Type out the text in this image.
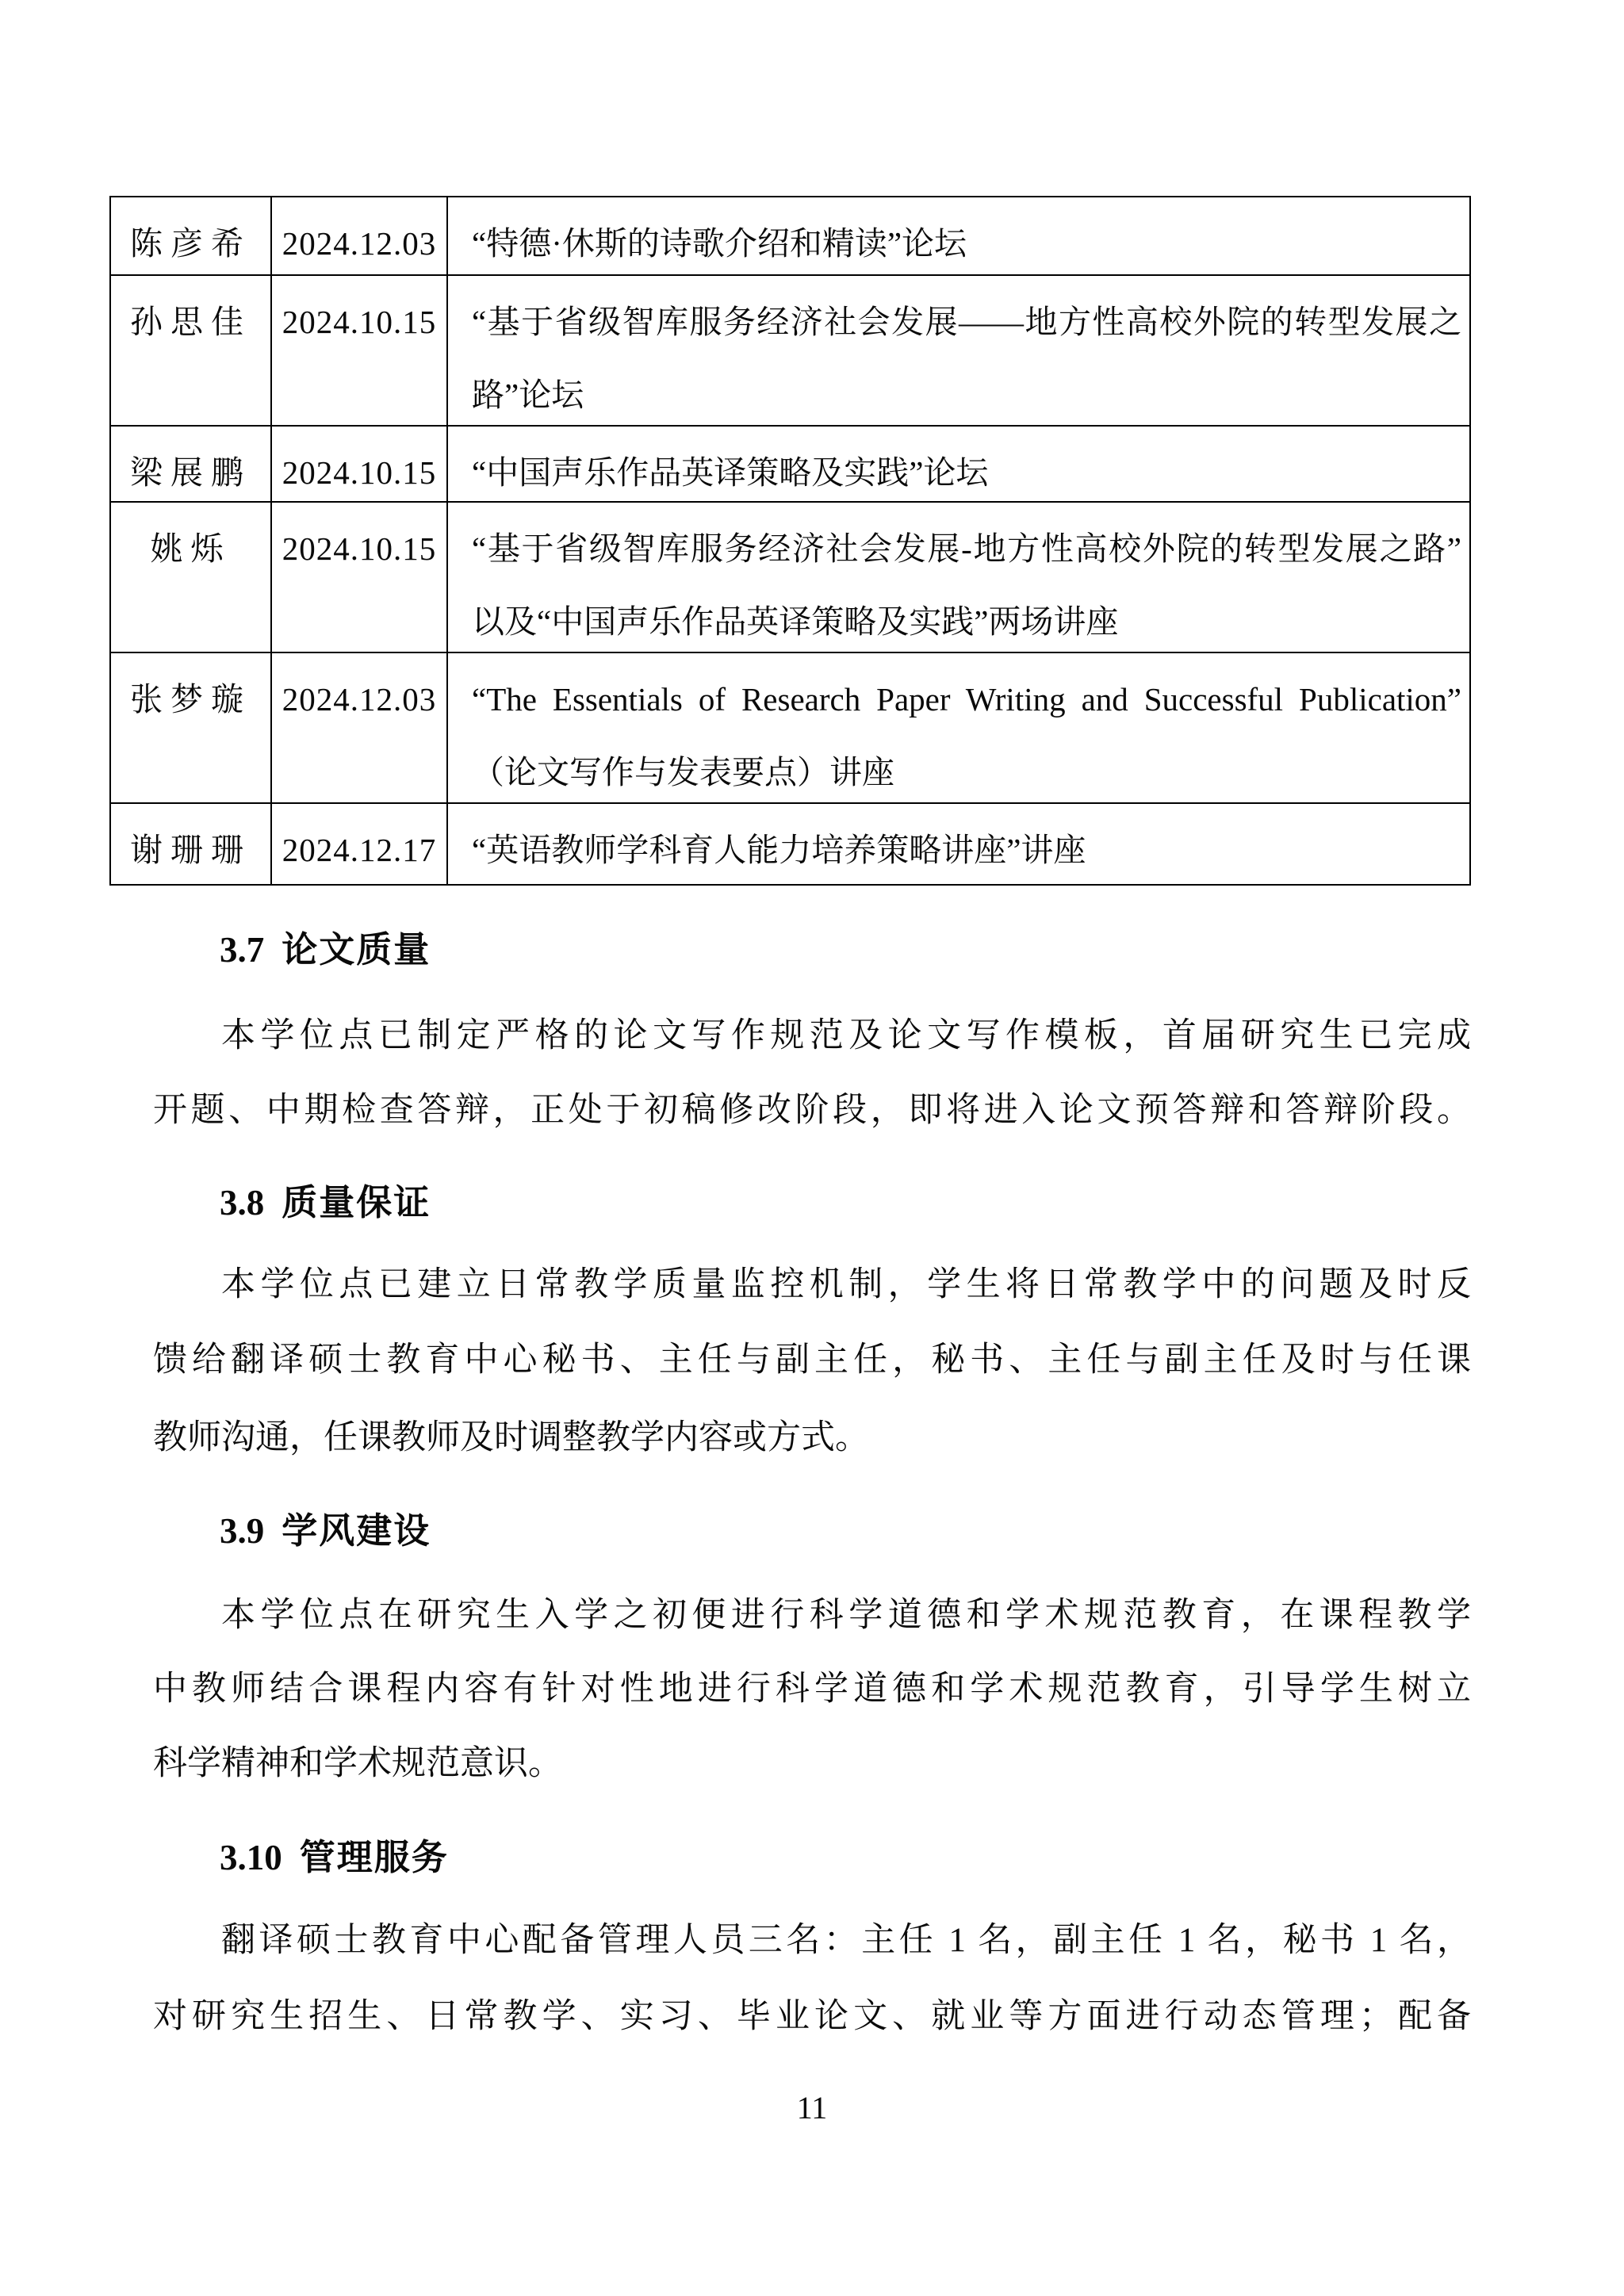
陈彦希 2024.12.03	“特德·休斯的诗歌介绍和精读”论坛
孙思佳 2024.10.15	“基于省级智库服务经济社会发展——地方性高校外院的转型发展之
路”论坛
梁展鹏 2024.10.15	“中国声乐作品英译策略及实践”论坛
姚烁	2024.10.15	“基于省级智库服务经济社会发展-地方性高校外院的转型发展之路”
以及“中国声乐作品英译策略及实践”两场讲座
张梦璇 2024.12.03	“The Essentials of Research Paper Writing and Successful Publication”
（论文写作与发表要点）讲座
谢珊珊 2024.12.17	“英语教师学科育人能力培养策略讲座”讲座
3.7 论文质量
本学位点已制定严格的论文写作规范及论文写作模板，首届研究生已完成
开题、中期检查答辩，正处于初稿修改阶段，即将进入论文预答辩和答辩阶段。
3.8 质量保证
本学位点已建立日常教学质量监控机制，学生将日常教学中的问题及时反
馈给翻译硕士教育中心秘书、主任与副主任，秘书、主任与副主任及时与任课
教师沟通，任课教师及时调整教学内容或方式。
3.9 学风建设
本学位点在研究生入学之初便进行科学道德和学术规范教育，在课程教学
中教师结合课程内容有针对性地进行科学道德和学术规范教育，引导学生树立
科学精神和学术规范意识。
3.10 管理服务
翻译硕士教育中心配备管理人员三名：主任 1 名，副主任 1 名，秘书 1 名，
对研究生招生、日常教学、实习、毕业论文、就业等方面进行动态管理；配备
11
